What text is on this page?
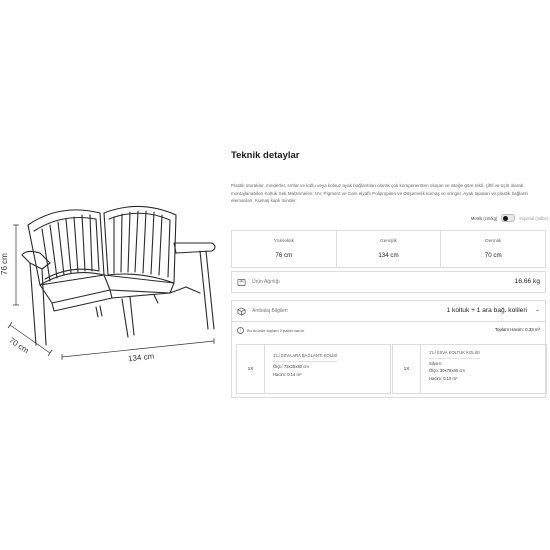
76 cm
70 cm
134 cm
Teknik detaylar
Plastik oturaklar, minderler, sırtlar ve kollu veya kolsuz ayak bağlantıları olarak çok kompenentten oluşan ve isteğe göre tekli, çiftli ve üçlü olarak montajlanabilen Koltuk Seti Malzemeleri: UV, Pigment ve Cam elyaflı Polipropilen ve Döşemelik kumaş ve sünger. Ayak tapaları ve plastik bağlantı elemanları. Kumaş kaplı minder.
Metrik (cm/kg)	Imperial (in/lbs)
Yükseklik
76 cm
Genişlik
134 cm
Derinlik
70 cm
Ürün Ağırlığı	16.66 kg
Ambalaj Bilgileri	1 koltuk + 1 ara bağ. kolileri ⌃
i	Bu üründe toplam 2 paket vardır.	Toplam Hacim: 0.33 m³
1X
1'Lİ SSVA ARA BAĞLANTI KOLİSİ
Ölçü: 73x25x80 cm
Hacim: 0.14 m³
1X
1'Lİ SSVA KOLTUK KOLİSİ
Silva II
Ölçü: 30x79x80 cm
Hacim: 0.19 m³
